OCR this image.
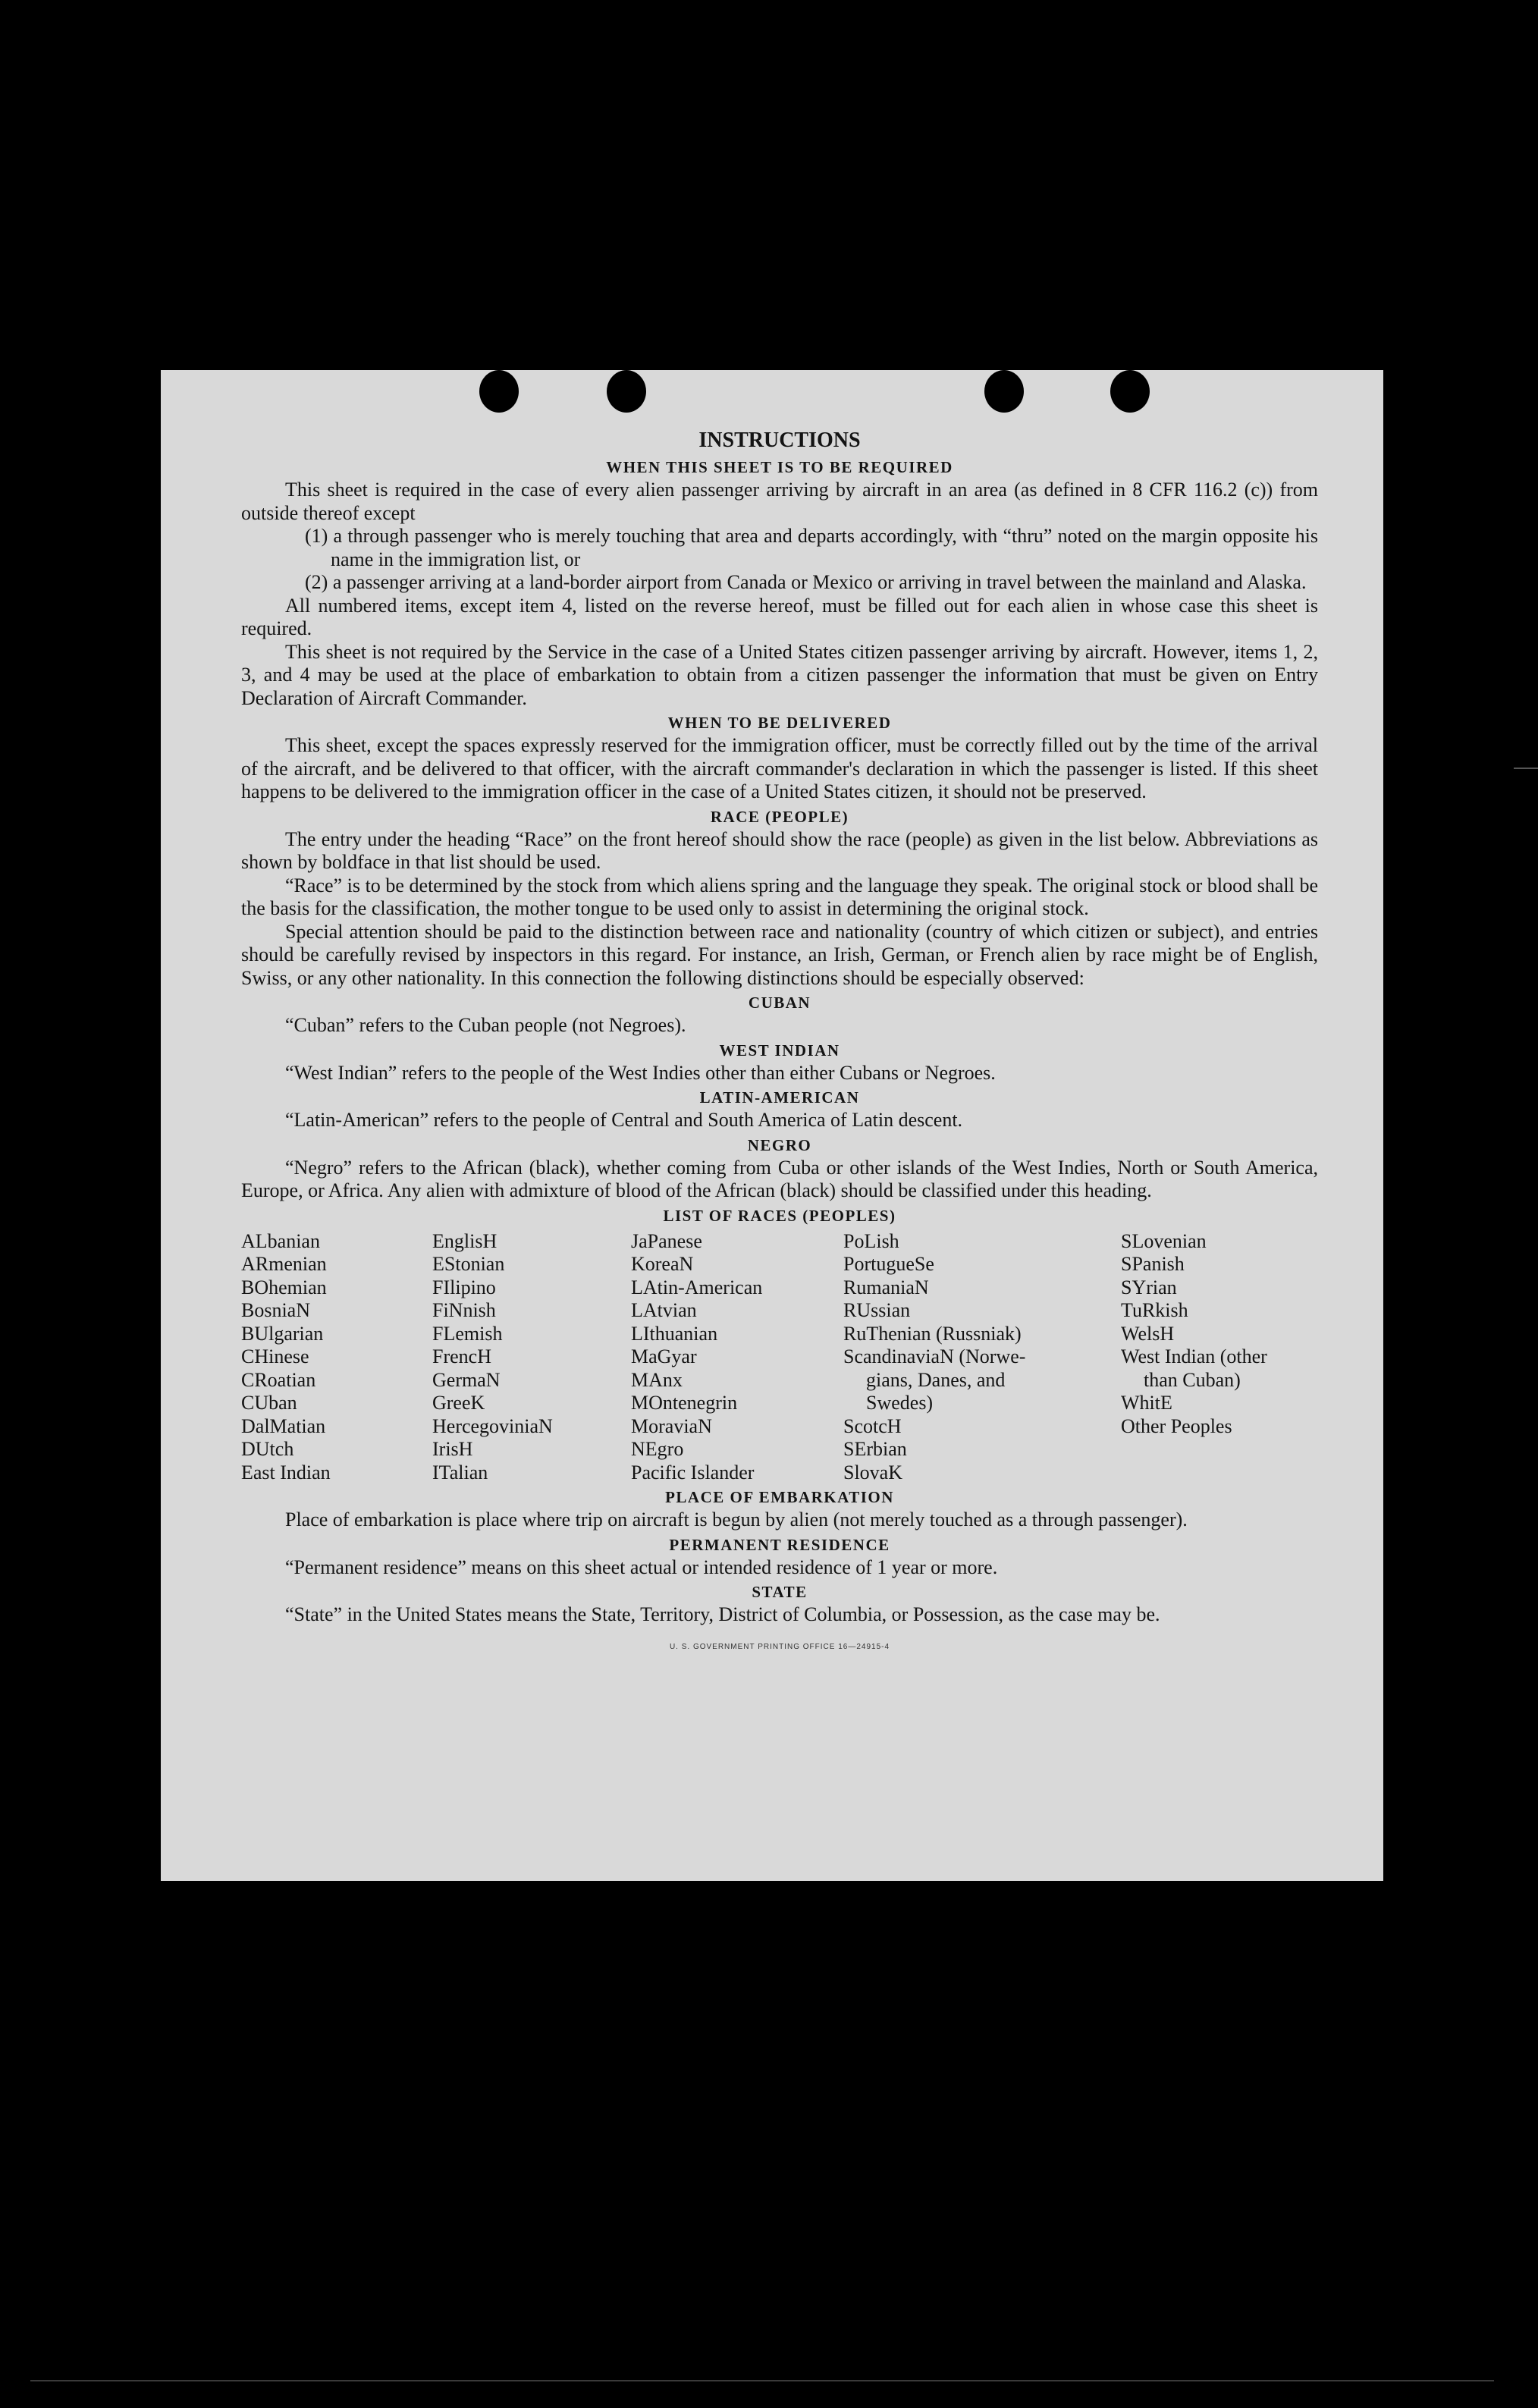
INSTRUCTIONS
WHEN THIS SHEET IS TO BE REQUIRED

This sheet is required in the case of every alien passenger arriving by aircraft in an area (as defined in 8 CFR 116.2 (c)) from outside thereof except

(1) a through passenger who is merely touching that area and departs accordingly, with “thru” noted on the margin opposite his name in the immigration list, or

(2) a passenger arriving at a land-border airport from Canada or Mexico or arriving in travel between the mainland and Alaska.

All numbered items, except item 4, listed on the reverse hereof, must be filled out for each alien in whose case this sheet is required.

This sheet is not required by the Service in the case of a United States citizen passenger arriving by aircraft. However, items 1, 2, 3, and 4 may be used at the place of embarkation to obtain from a citizen passenger the information that must be given on Entry Declaration of Aircraft Commander.

WHEN TO BE DELIVERED

This sheet, except the spaces expressly reserved for the immigration officer, must be correctly filled out by the time of the arrival of the aircraft, and be delivered to that officer, with the aircraft commander's declaration in which the passenger is listed. If this sheet happens to be delivered to the immigration officer in the case of a United States citizen, it should not be preserved.

RACE (PEOPLE)

The entry under the heading “Race” on the front hereof should show the race (people) as given in the list below. Abbreviations as shown by boldface in that list should be used.

“Race” is to be determined by the stock from which aliens spring and the language they speak. The original stock or blood shall be the basis for the classification, the mother tongue to be used only to assist in determining the original stock.

Special attention should be paid to the distinction between race and nationality (country of which citizen or subject), and entries should be carefully revised by inspectors in this regard. For instance, an Irish, German, or French alien by race might be of English, Swiss, or any other nationality. In this connection the following distinctions should be especially observed:

CUBAN

“Cuban” refers to the Cuban people (not Negroes).

WEST INDIAN

“West Indian” refers to the people of the West Indies other than either Cubans or Negroes.

LATIN-AMERICAN

“Latin-American” refers to the people of Central and South America of Latin descent.

NEGRO

“Negro” refers to the African (black), whether coming from Cuba or other islands of the West Indies, North or South America, Europe, or Africa. Any alien with admixture of blood of the African (black) should be classified under this heading.

LIST OF RACES (PEOPLES)
ALbanian
ARmenian
BOhemian
BosniaN
BUlgarian
CHinese
CRoatian
CUban
DalMatian
DUtch
East Indian
EnglisH
EStonian
FIlipino
FiNnish
FLemish
FrencH
GermaN
GreeK
HercegoviniaN
IrisH
ITalian
JaPanese
KoreaN
LAtin-American
LAtvian
LIthuanian
MaGyar
MAnx
MOntenegrin
MoraviaN
NEgro
Pacific Islander
PoLish
PortugueSe
RumaniaN
RUssian
RuThenian (Russniak)
ScandinaviaN (Norwe-
gians, Danes, and
Swedes)
ScotcH
SErbian
SlovaK
SLovenian
SPanish
SYrian
TuRkish
WelsH
West Indian (other
than Cuban)
WhitE
Other Peoples
PLACE OF EMBARKATION

Place of embarkation is place where trip on aircraft is begun by alien (not merely touched as a through passenger).

PERMANENT RESIDENCE

“Permanent residence” means on this sheet actual or intended residence of 1 year or more.

STATE

“State” in the United States means the State, Territory, District of Columbia, or Possession, as the case may be.

U. S. GOVERNMENT PRINTING OFFICE 16—24915-4
